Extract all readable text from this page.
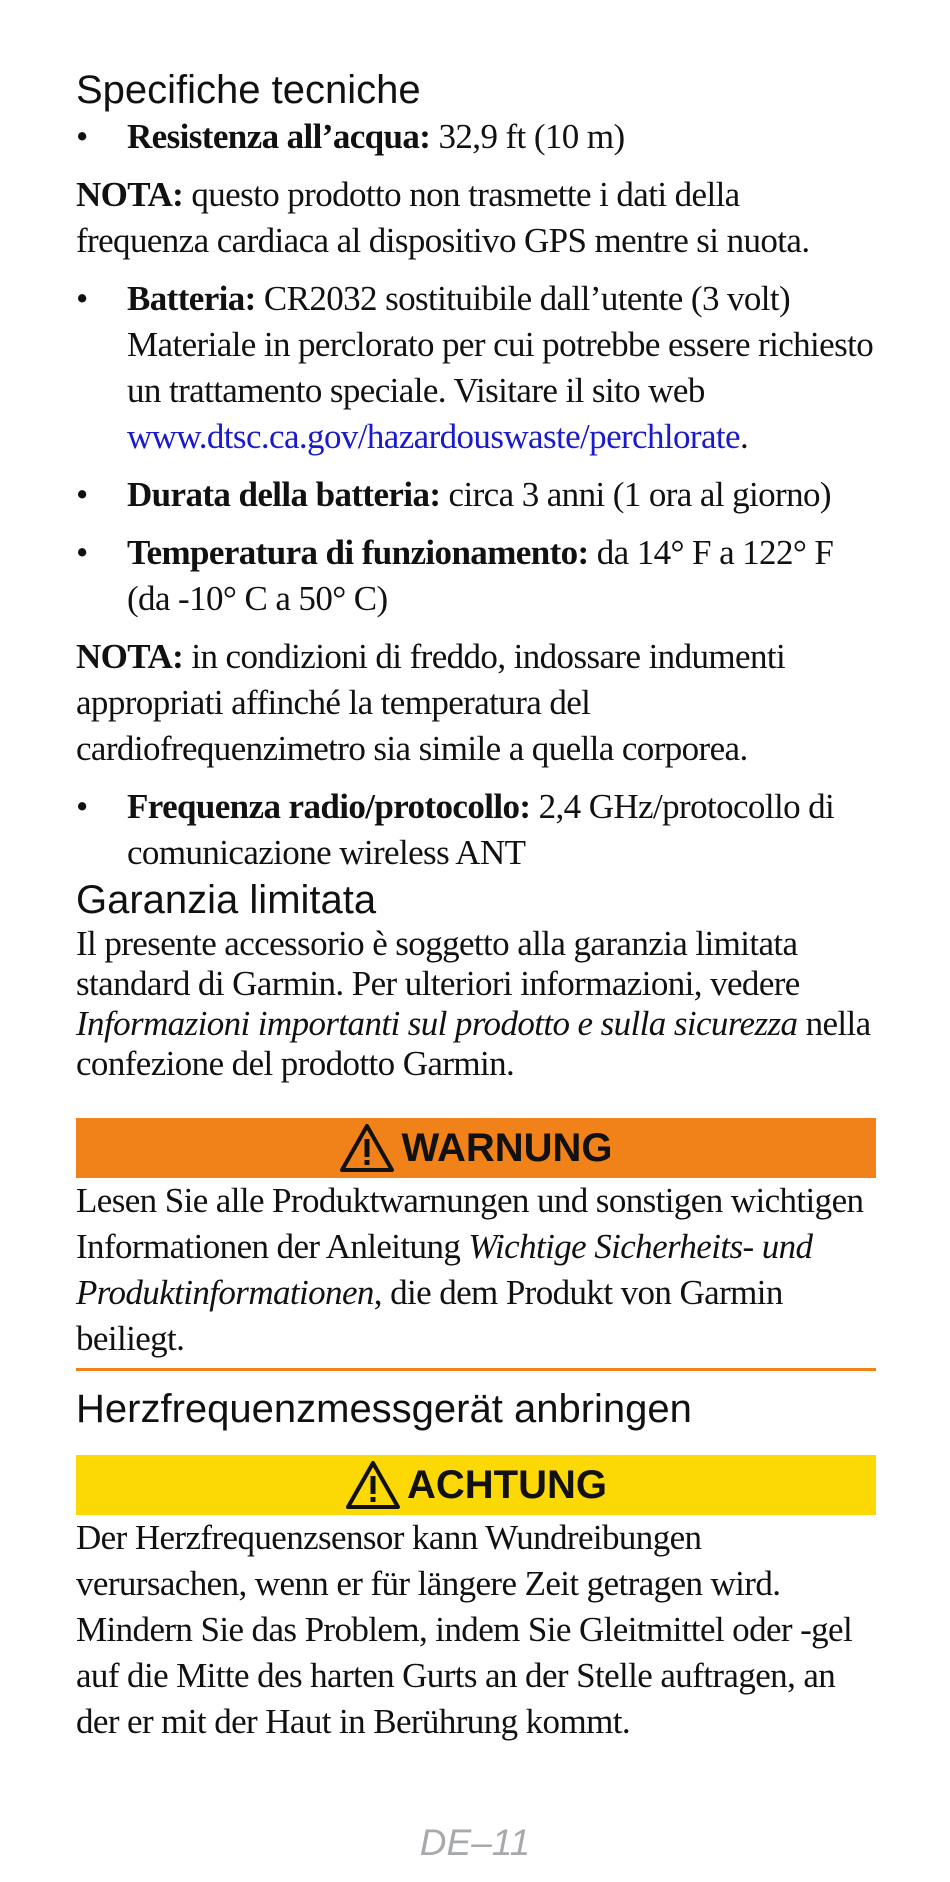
Specifiche tecniche
•	Resistenza all’acqua: 32,9 ft (10 m)

NOTA: questo prodotto non trasmette i dati della frequenza cardiaca al dispositivo GPS mentre si nuota.

•	Batteria: CR2032 sostituibile dall’utente (3 volt) Materiale in perclorato per cui potrebbe essere richiesto un trattamento speciale. Visitare il sito web www.dtsc.ca.gov/hazardouswaste/perchlorate.
•	Durata della batteria: circa 3 anni (1 ora al giorno)
•	Temperatura di funzionamento: da 14° F a 122° F (da -10° C a 50° C)

NOTA: in condizioni di freddo, indossare indumenti appropriati affinché la temperatura del cardiofrequenzimetro sia simile a quella corporea.

•	Frequenza radio/protocollo: 2,4 GHz/protocollo di comunicazione wireless ANT
Garanzia limitata

Il presente accessorio è soggetto alla garanzia limitata standard di Garmin. Per ulteriori informazioni, vedere Informazioni importanti sul prodotto e sulla sicurezza nella confezione del prodotto Garmin.

WARNUNG

Lesen Sie alle Produktwarnungen und sonstigen wichtigen Informationen der Anleitung Wichtige Sicherheits- und Produktinformationen, die dem Produkt von Garmin beiliegt.

Herzfrequenzmessgerät anbringen
ACHTUNG

Der Herzfrequenzsensor kann Wundreibungen verursachen, wenn er für längere Zeit getragen wird. Mindern Sie das Problem, indem Sie Gleitmittel oder -gel auf die Mitte des harten Gurts an der Stelle auftragen, an der er mit der Haut in Berührung kommt.

DE–11
